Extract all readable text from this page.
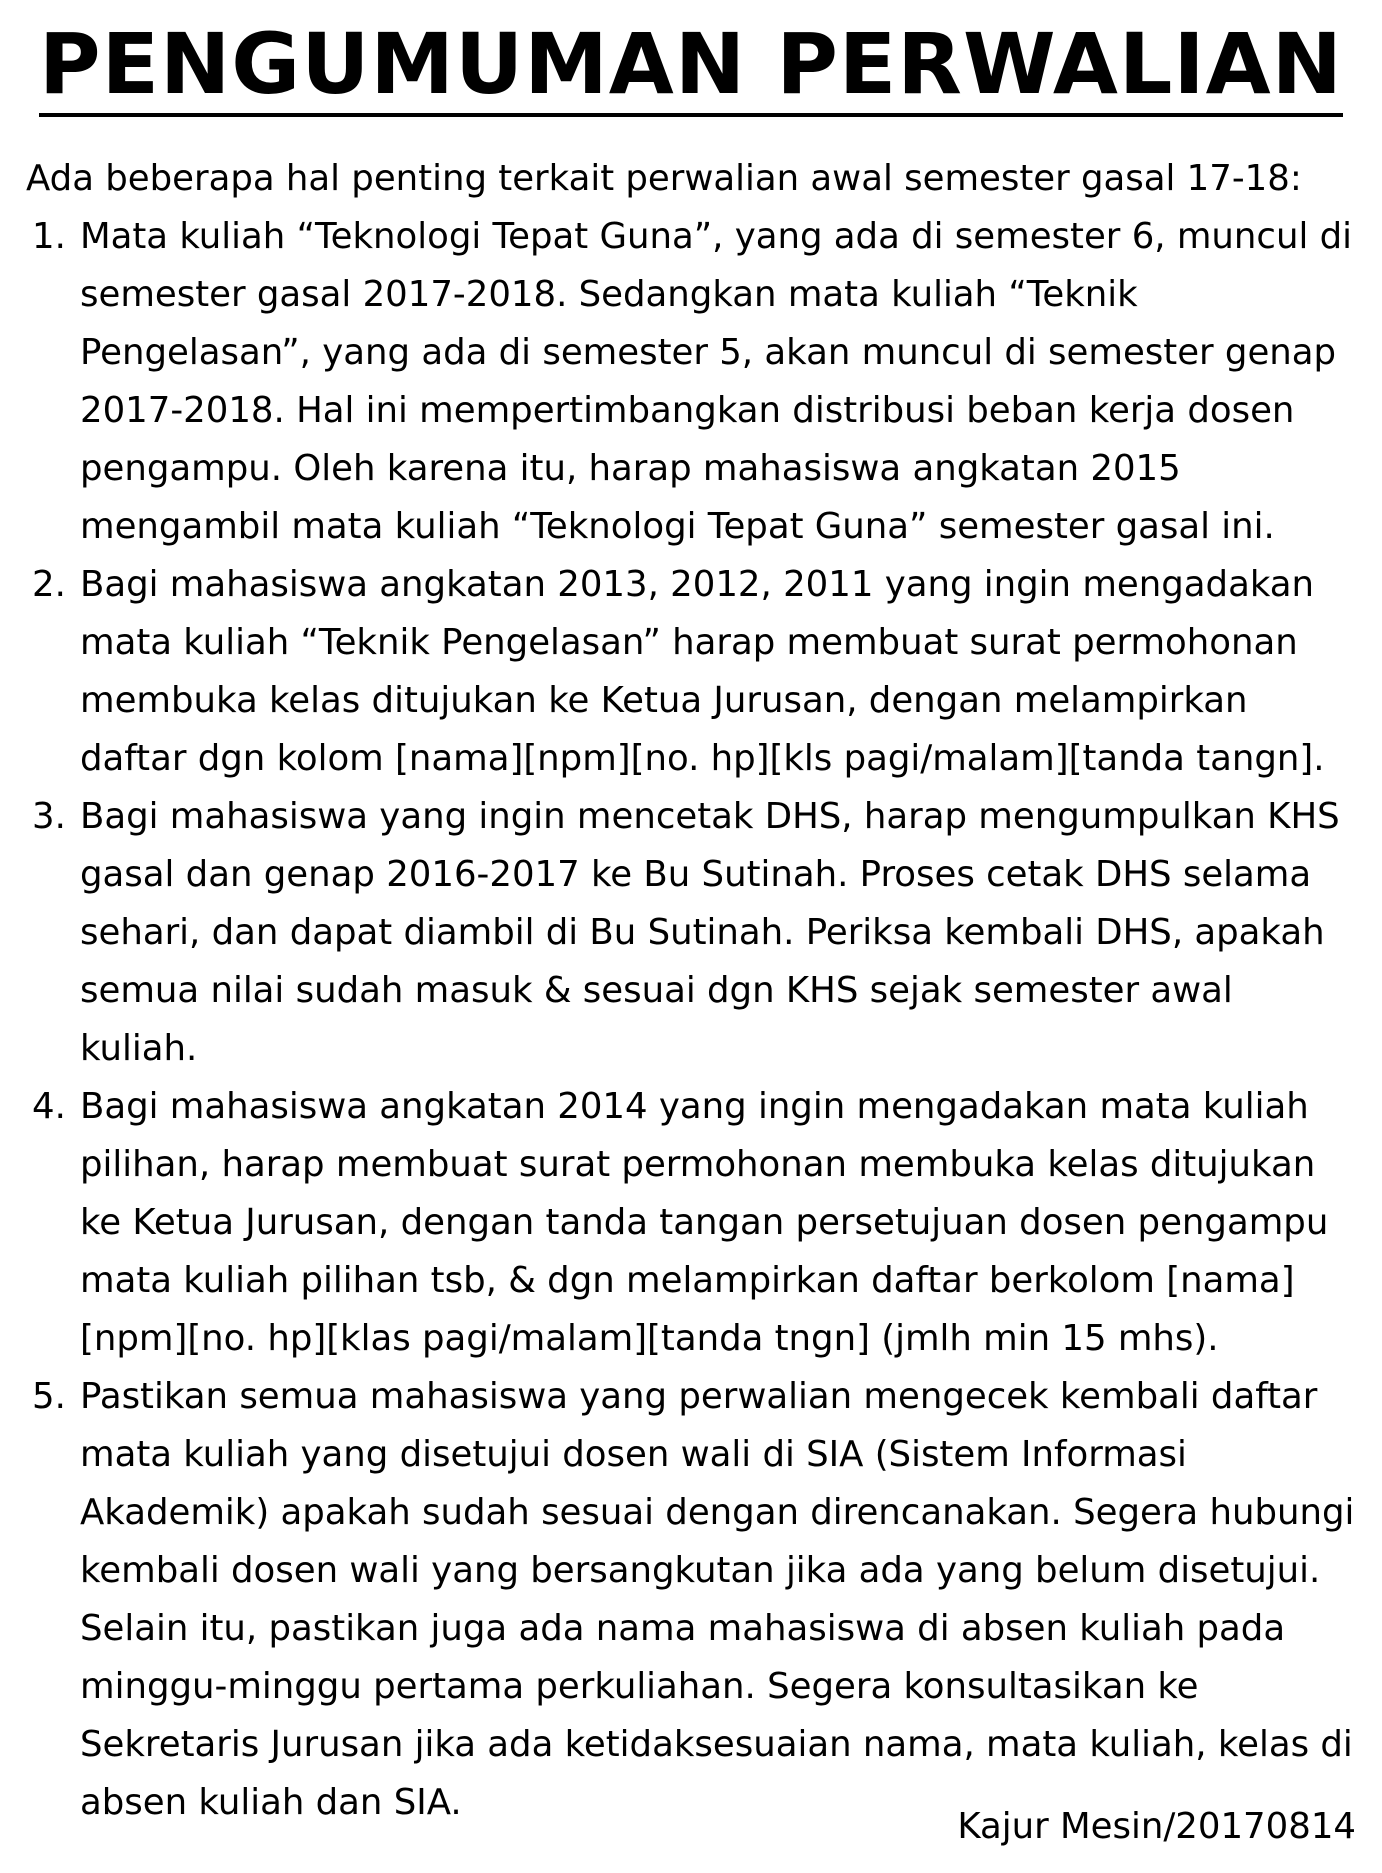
PENGUMUMAN PERWALIAN

Ada beberapa hal penting terkait perwalian awal semester gasal 17-18:

1. Mata kuliah “Teknologi Tepat Guna”, yang ada di semester 6, muncul di semester gasal 2017-2018. Sedangkan mata kuliah “Teknik Pengelasan”, yang ada di semester 5, akan muncul di semester genap 2017-2018. Hal ini mempertimbangkan distribusi beban kerja dosen pengampu. Oleh karena itu, harap mahasiswa angkatan 2015 mengambil mata kuliah “Teknologi Tepat Guna” semester gasal ini.
2. Bagi mahasiswa angkatan 2013, 2012, 2011 yang ingin mengadakan mata kuliah “Teknik Pengelasan” harap membuat surat permohonan membuka kelas ditujukan ke Ketua Jurusan, dengan melampirkan daftar dgn kolom [nama][npm][no. hp][kls pagi/malam][tanda tangn].
3. Bagi mahasiswa yang ingin mencetak DHS, harap mengumpulkan KHS gasal dan genap 2016-2017 ke Bu Sutinah. Proses cetak DHS selama sehari, dan dapat diambil di Bu Sutinah. Periksa kembali DHS, apakah semua nilai sudah masuk & sesuai dgn KHS sejak semester awal kuliah.
4. Bagi mahasiswa angkatan 2014 yang ingin mengadakan mata kuliah pilihan, harap membuat surat permohonan membuka kelas ditujukan ke Ketua Jurusan, dengan tanda tangan persetujuan dosen pengampu mata kuliah pilihan tsb, & dgn melampirkan daftar berkolom [nama][npm][no. hp][klas pagi/malam][tanda tngn] (jmlh min 15 mhs).
5. Pastikan semua mahasiswa yang perwalian mengecek kembali daftar mata kuliah yang disetujui dosen wali di SIA (Sistem Informasi Akademik) apakah sudah sesuai dengan direncanakan. Segera hubungi kembali dosen wali yang bersangkutan jika ada yang belum disetujui. Selain itu, pastikan juga ada nama mahasiswa di absen kuliah pada minggu-minggu pertama perkuliahan. Segera konsultasikan ke Sekretaris Jurusan jika ada ketidaksesuaian nama, mata kuliah, kelas di absen kuliah dan SIA.

Kajur Mesin/20170814
